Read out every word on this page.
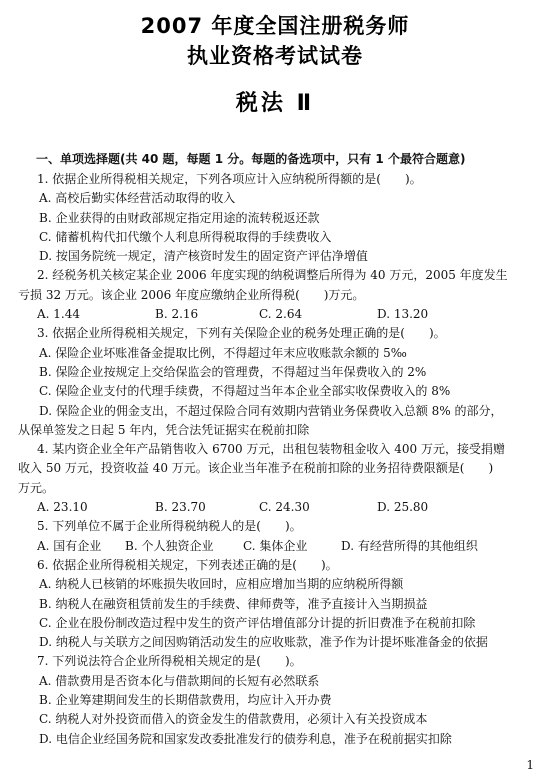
2007 年度全国注册税务师
执业资格考试试卷
税法 Ⅱ
一、单项选择题(共 40 题，每题 1 分。每题的备选项中，只有 1 个最符合题意)
1. 依据企业所得税相关规定，下列各项应计入应纳税所得额的是(　　)。
A. 高校后勤实体经营活动取得的收入
B. 企业获得的由财政部规定指定用途的流转税返还款
C. 储蓄机构代扣代缴个人利息所得税取得的手续费收入
D. 按国务院统一规定，清产核资时发生的固定资产评估净增值
2. 经税务机关核定某企业 2006 年度实现的纳税调整后所得为 40 万元，2005 年度发生
亏损 32 万元。该企业 2006 年度应缴纳企业所得税(　　)万元。
A. 1.44	B. 2.16	C. 2.64	D. 13.20
3. 依据企业所得税相关规定，下列有关保险企业的税务处理正确的是(　　)。
A. 保险企业坏账准备金提取比例，不得超过年末应收账款余额的 5‰
B. 保险企业按规定上交给保监会的管理费，不得超过当年保费收入的 2%
C. 保险企业支付的代理手续费，不得超过当年本企业全部实收保费收入的 8%
D. 保险企业的佣金支出，不超过保险合同有效期内营销业务保费收入总额 8% 的部分，
从保单签发之日起 5 年内，凭合法凭证据实在税前扣除
4. 某内资企业全年产品销售收入 6700 万元，出租包装物租金收入 400 万元，接受捐赠
收入 50 万元，投资收益 40 万元。该企业当年准予在税前扣除的业务招待费限额是(　　)
万元。
A. 23.10	B. 23.70	C. 24.30	D. 25.80
5. 下列单位不属于企业所得税纳税人的是(　　)。
A. 国有企业	B. 个人独资企业	C. 集体企业	D. 有经营所得的其他组织
6. 依据企业所得税相关规定，下列表述正确的是(　　)。
A. 纳税人已核销的坏账损失收回时，应相应增加当期的应纳税所得额
B. 纳税人在融资租赁前发生的手续费、律师费等，准予直接计入当期损益
C. 企业在股份制改造过程中发生的资产评估增值部分计提的折旧费准予在税前扣除
D. 纳税人与关联方之间因购销活动发生的应收账款，准予作为计提坏账准备金的依据
7. 下列说法符合企业所得税相关规定的是(　　)。
A. 借款费用是否资本化与借款期间的长短有必然联系
B. 企业筹建期间发生的长期借款费用，均应计入开办费
C. 纳税人对外投资而借入的资金发生的借款费用，必须计入有关投资成本
D. 电信企业经国务院和国家发改委批准发行的债券利息，准予在税前据实扣除
1
